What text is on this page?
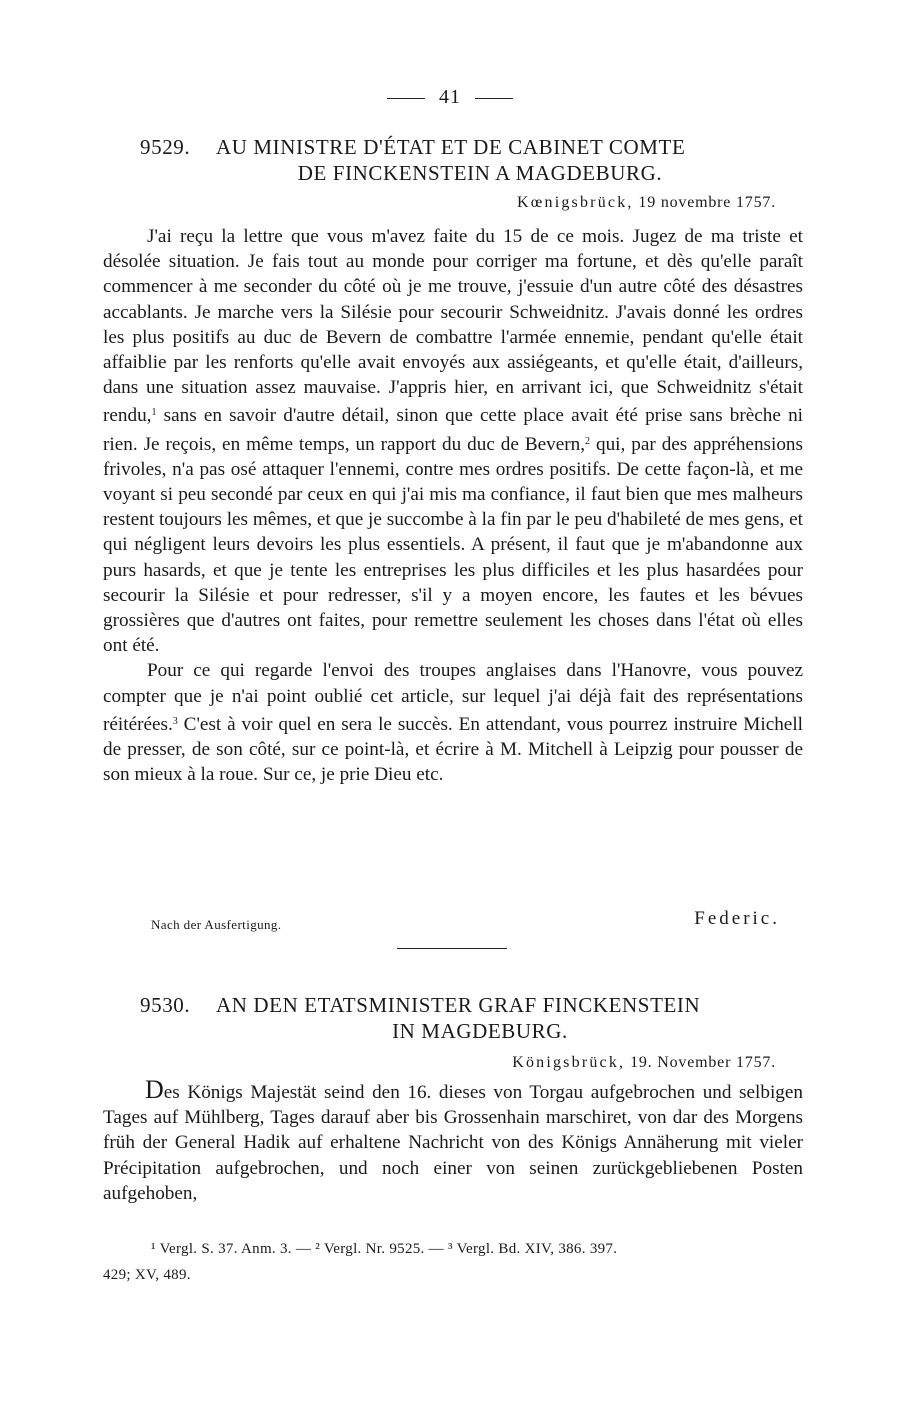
41
9529. AU MINISTRE D'ÉTAT ET DE CABINET COMTE
DE FINCKENSTEIN A MAGDEBURG.
Kœnigsbrück, 19 novembre 1757.

J'ai reçu la lettre que vous m'avez faite du 15 de ce mois. Jugez de ma triste et désolée situation. Je fais tout au monde pour corriger ma fortune, et dès qu'elle paraît commencer à me seconder du côté où je me trouve, j'essuie d'un autre côté des désastres accablants. Je marche vers la Silésie pour secourir Schweidnitz. J'avais donné les ordres les plus positifs au duc de Bevern de combattre l'armée ennemie, pendant qu'elle était affaiblie par les renforts qu'elle avait envoyés aux assiégeants, et qu'elle était, d'ailleurs, dans une situation assez mauvaise. J'appris hier, en arrivant ici, que Schweidnitz s'était rendu,$^1$ sans en savoir d'autre détail, sinon que cette place avait été prise sans brèche ni rien. Je reçois, en même temps, un rapport du duc de Bevern,$^2$ qui, par des appréhensions frivoles, n'a pas osé attaquer l'ennemi, contre mes ordres positifs. De cette façon-là, et me voyant si peu secondé par ceux en qui j'ai mis ma confiance, il faut bien que mes malheurs restent toujours les mêmes, et que je succombe à la fin par le peu d'habileté de mes gens, et qui négligent leurs devoirs les plus essentiels. A présent, il faut que je m'abandonne aux purs hasards, et que je tente les entreprises les plus difficiles et les plus hasardées pour secourir la Silésie et pour redresser, s'il y a moyen encore, les fautes et les bévues grossières que d'autres ont faites, pour remettre seulement les choses dans l'état où elles ont été.

Pour ce qui regarde l'envoi des troupes anglaises dans l'Hanovre, vous pouvez compter que je n'ai point oublié cet article, sur lequel j'ai déjà fait des représentations réitérées.$^3$ C'est à voir quel en sera le succès. En attendant, vous pourrez instruire Michell de presser, de son côté, sur ce point-là, et écrire à M. Mitchell à Leipzig pour pousser de son mieux à la roue. Sur ce, je prie Dieu etc.

Nach der Ausfertigung.	Federic.
9530. AN DEN ETATSMINISTER GRAF FINCKENSTEIN
IN MAGDEBURG.
Königsbrück, 19. November 1757.

Des Königs Majestät seind den 16. dieses von Torgau aufgebrochen und selbigen Tages auf Mühlberg, Tages darauf aber bis Grossenhain marschiret, von dar des Morgens früh der General Hadik auf erhaltene Nachricht von des Königs Annäherung mit vieler Précipitation aufgebrochen, und noch einer von seinen zurückgebliebenen Posten aufgehoben,

¹ Vergl. S. 37. Anm. 3. — ² Vergl. Nr. 9525. — ³ Vergl. Bd. XIV, 386. 397.
429; XV, 489.
